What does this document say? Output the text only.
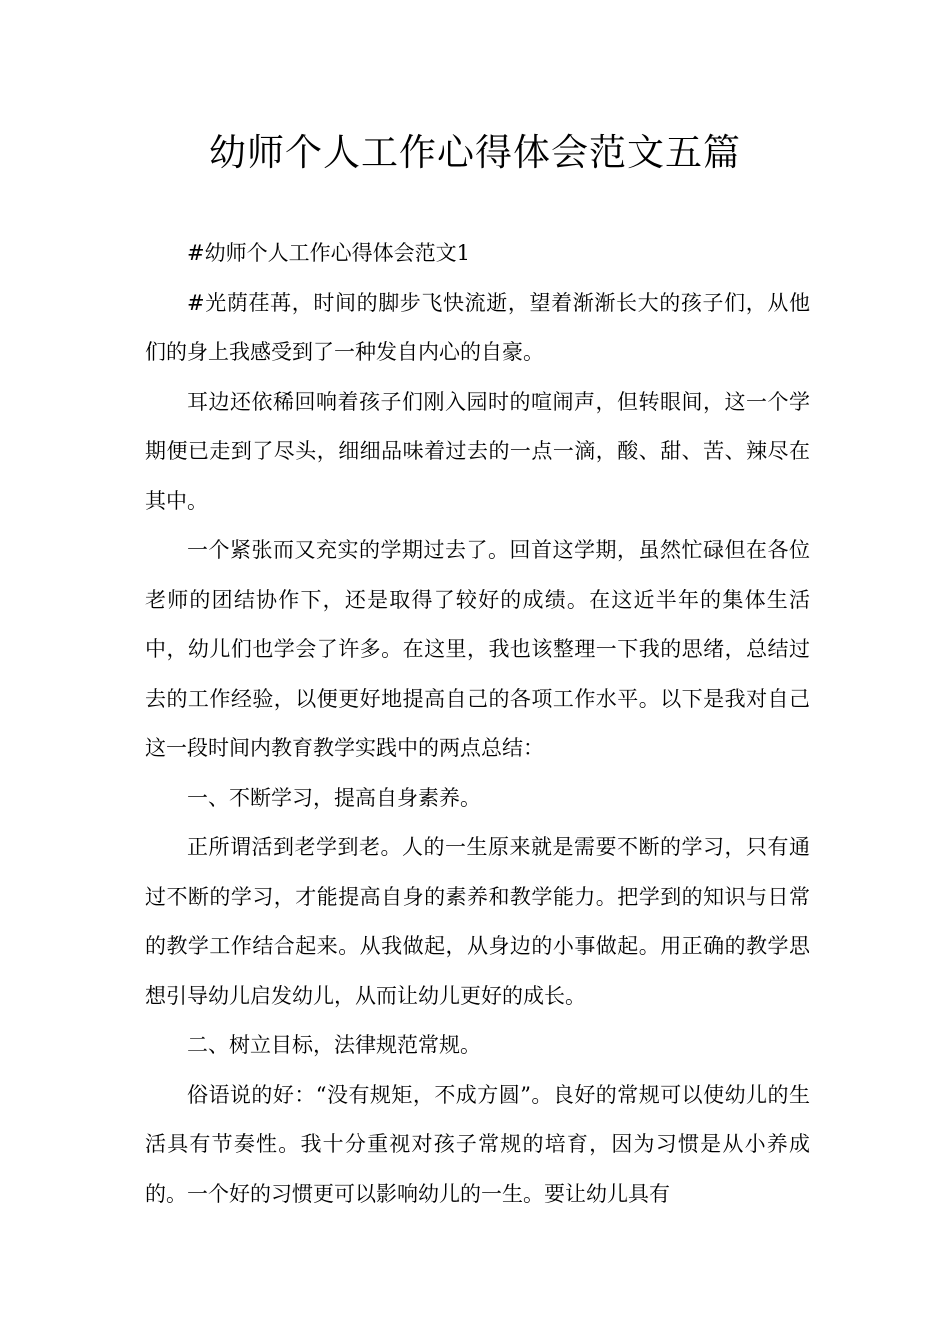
幼师个人工作心得体会范文五篇

#幼师个人工作心得体会范文1

#光荫荏苒，时间的脚步飞快流逝，望着渐渐长大的孩子们，从他们的身上我感受到了一种发自内心的自豪。

耳边还依稀回响着孩子们刚入园时的喧闹声，但转眼间，这一个学期便已走到了尽头，细细品味着过去的一点一滴，酸、甜、苦、辣尽在其中。

一个紧张而又充实的学期过去了。回首这学期，虽然忙碌但在各位老师的团结协作下，还是取得了较好的成绩。在这近半年的集体生活中，幼儿们也学会了许多。在这里，我也该整理一下我的思绪，总结过去的工作经验，以便更好地提高自己的各项工作水平。以下是我对自己这一段时间内教育教学实践中的两点总结：

一、不断学习，提高自身素养。

正所谓活到老学到老。人的一生原来就是需要不断的学习，只有通过不断的学习，才能提高自身的素养和教学能力。把学到的知识与日常的教学工作结合起来。从我做起，从身边的小事做起。用正确的教学思想引导幼儿启发幼儿，从而让幼儿更好的成长。

二、树立目标，法律规范常规。

俗语说的好：“没有规矩，不成方圆”。良好的常规可以使幼儿的生活具有节奏性。我十分重视对孩子常规的培育，因为习惯是从小养成的。一个好的习惯更可以影响幼儿的一生。要让幼儿具有
